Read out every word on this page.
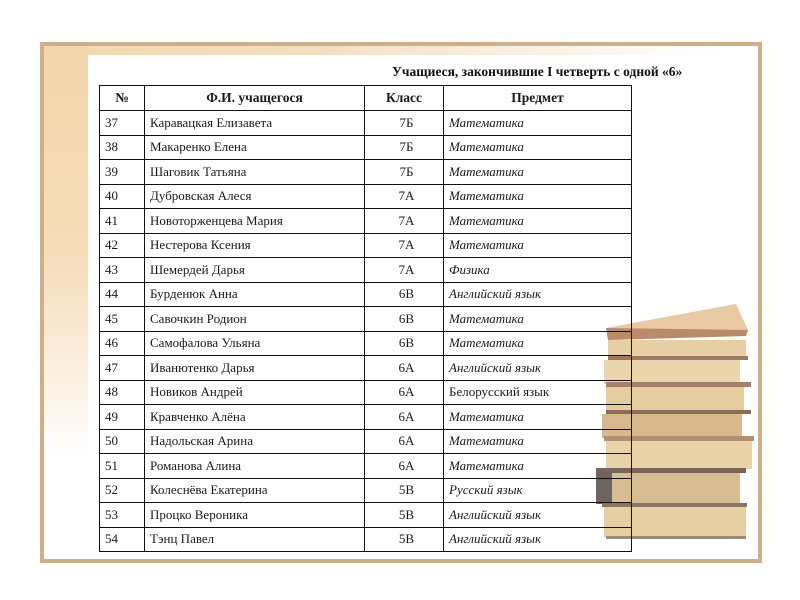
Учащиеся, закончившие I четверть с одной «6»
№	Ф.И. учащегося	Класс	Предмет
37	Каравацкая Елизавета	7Б	Математика
38	Макаренко Елена	7Б	Математика
39	Шаговик Татьяна	7Б	Математика
40	Дубровская Алеся	7А	Математика
41	Новоторженцева Мария	7А	Математика
42	Нестерова Ксения	7А	Математика
43	Шемердей Дарья	7А	Физика
44	Бурденюк Анна	6В	Английский язык
45	Савочкин Родион	6В	Математика
46	Самофалова Ульяна	6В	Математика
47	Иванютенко Дарья	6А	Английский язык
48	Новиков Андрей	6А	Белорусский язык
49	Кравченко Алёна	6А	Математика
50	Надольская Арина	6А	Математика
51	Романова Алина	6А	Математика
52	Колеснёва Екатерина	5В	Русский язык
53	Процко Вероника	5В	Английский язык
54	Тэнц Павел	5В	Английский язык
